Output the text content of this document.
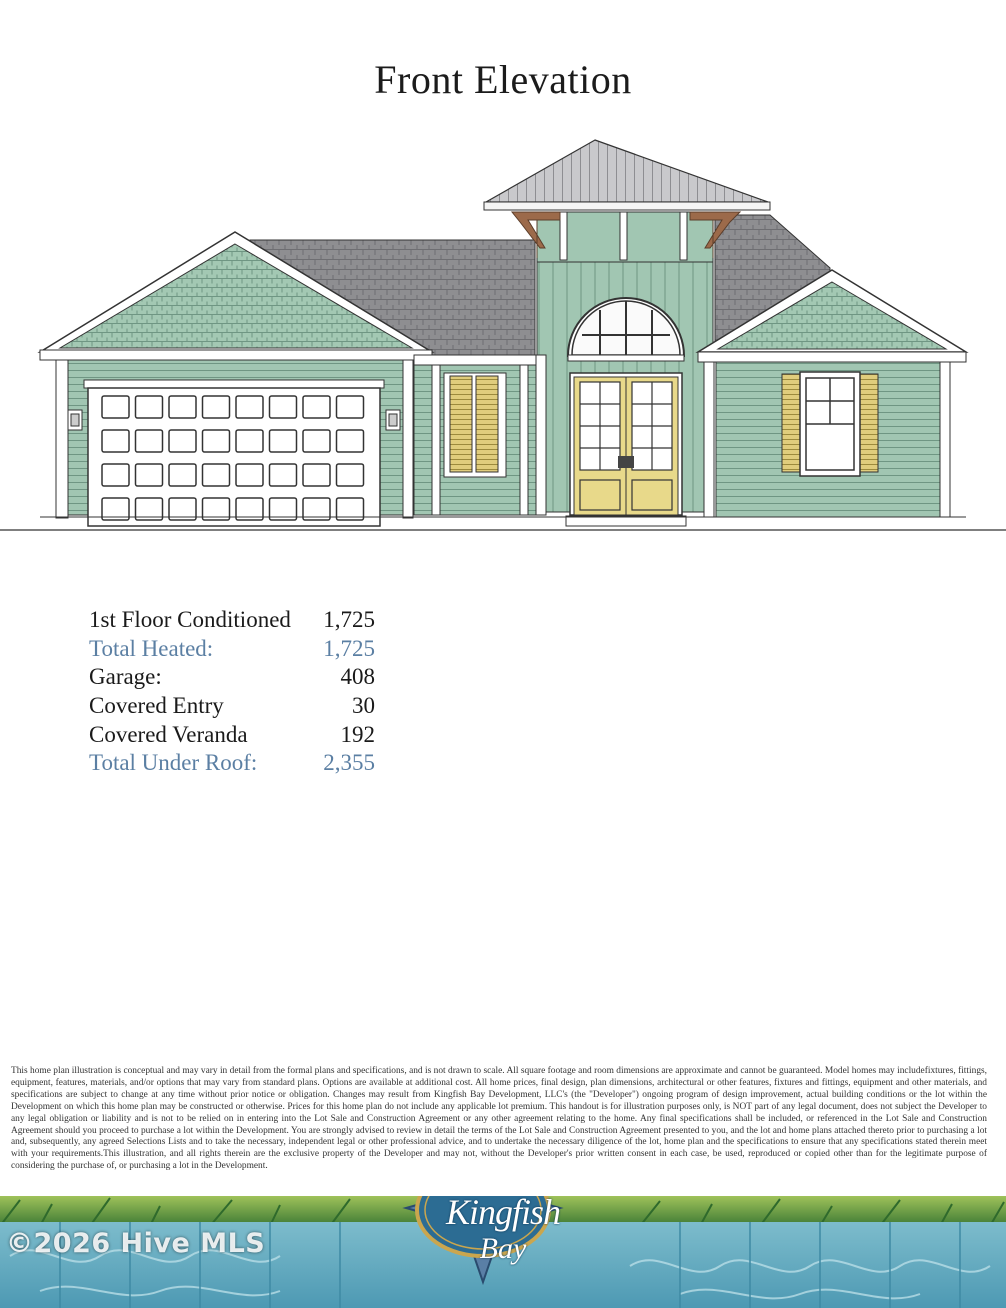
Front Elevation
1st Floor Conditioned	1,725
Total Heated:	1,725
Garage:	408
Covered Entry	30
Covered Veranda	192
Total Under Roof:	2,355

This home plan illustration is conceptual and may vary in detail from the formal plans and specifications, and is not drawn to scale. All square footage and room dimensions are approximate and cannot be guaranteed. Model homes may includefixtures, fittings, equipment, features, materials, and/or options that may vary from standard plans. Options are available at additional cost. All home prices, final design, plan dimensions, architectural or other features, fixtures and fittings, equipment and other materials, and specifications are subject to change at any time without prior notice or obligation. Changes may result from Kingfish Bay Development, LLC's (the "Developer") ongoing program of design improvement, actual building conditions or the lot within the Development on which this home plan may be constructed or otherwise. Prices for this home plan do not include any applicable lot premium. This handout is for illustration purposes only, is NOT part of any legal document, does not subject the Developer to any legal obligation or liability and is not to be relied on in entering into the Lot Sale and Construction Agreement or any other agreement relating to the home. Any final specifications shall be included, or referenced in the Lot Sale and Construction Agreement should you proceed to purchase a lot within the Development. You are strongly advised to review in detail the terms of the Lot Sale and Construction Agreement presented to you, and the lot and home plans attached thereto prior to purchasing a lot and, subsequently, any agreed Selections Lists and to take the necessary, independent legal or other professional advice, and to undertake the necessary diligence of the lot, home plan and the specifications to ensure that any specifications stated therein meet with your requirements.This illustration, and all rights therein are the exclusive property of the Developer and may not, without the Developer's prior written consent in each case, be used, reproduced or copied other than for the legitimate purpose of considering the purchase of, or purchasing a lot in the Development.

Kingfish
Bay
©2026 Hive MLS
